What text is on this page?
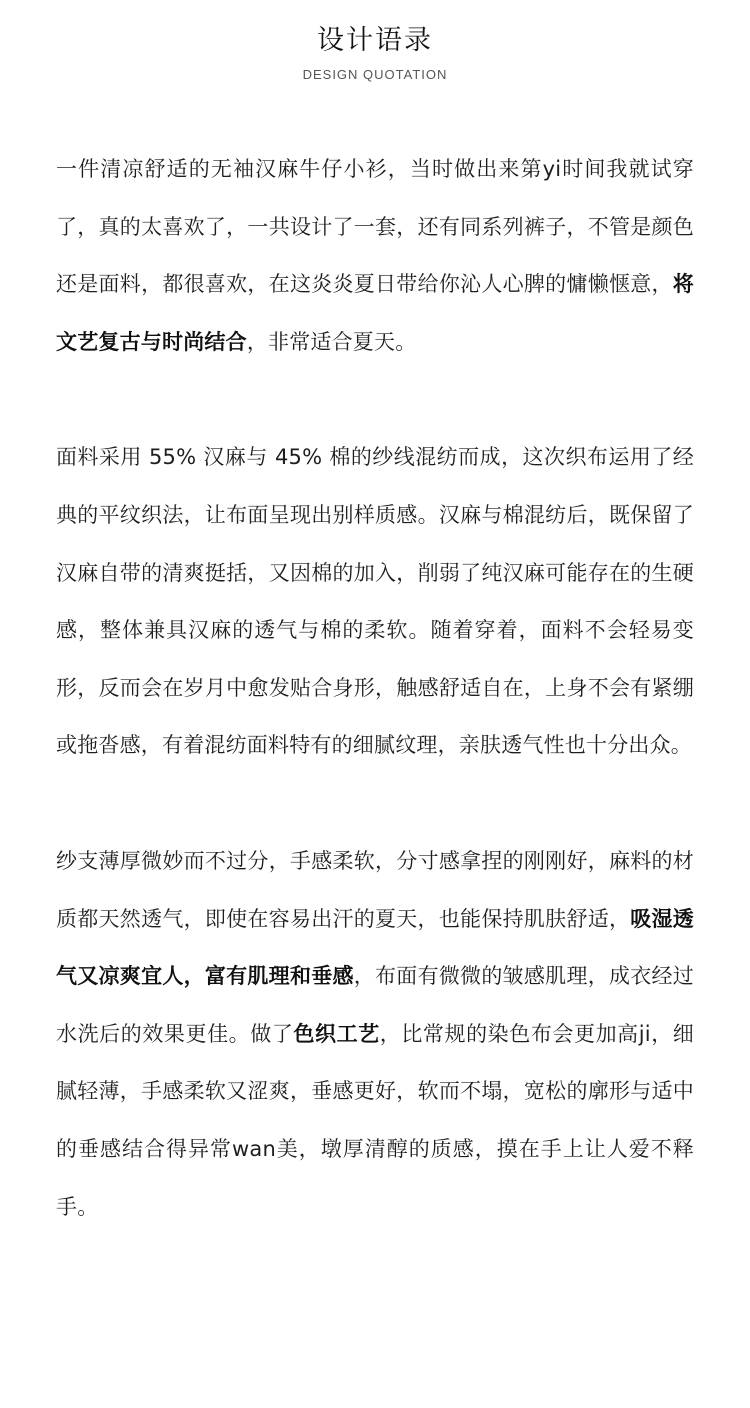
设计语录
DESIGN QUOTATION

一件清凉舒适的无袖汉麻牛仔小衫，当时做出来第yi时间我就试穿了，真的太喜欢了，一共设计了一套，还有同系列裤子，不管是颜色还是面料，都很喜欢，在这炎炎夏日带给你沁人心脾的慵懒惬意，将文艺复古与时尚结合，非常适合夏天。

面料采用 55% 汉麻与 45% 棉的纱线混纺而成，这次织布运用了经典的平纹织法，让布面呈现出别样质感。汉麻与棉混纺后，既保留了汉麻自带的清爽挺括，又因棉的加入，削弱了纯汉麻可能存在的生硬感，整体兼具汉麻的透气与棉的柔软。随着穿着，面料不会轻易变形，反而会在岁月中愈发贴合身形，触感舒适自在，上身不会有紧绷或拖沓感，有着混纺面料特有的细腻纹理，亲肤透气性也十分出众。

纱支薄厚微妙而不过分，手感柔软，分寸感拿捏的刚刚好，麻料的材质都天然透气，即使在容易出汗的夏天，也能保持肌肤舒适，吸湿透气又凉爽宜人，富有肌理和垂感，布面有微微的皱感肌理，成衣经过水洗后的效果更佳。做了色织工艺，比常规的染色布会更加高ji，细腻轻薄，手感柔软又涩爽，垂感更好，软而不塌，宽松的廓形与适中的垂感结合得异常wan美，墩厚清醇的质感，摸在手上让人爱不释手。
